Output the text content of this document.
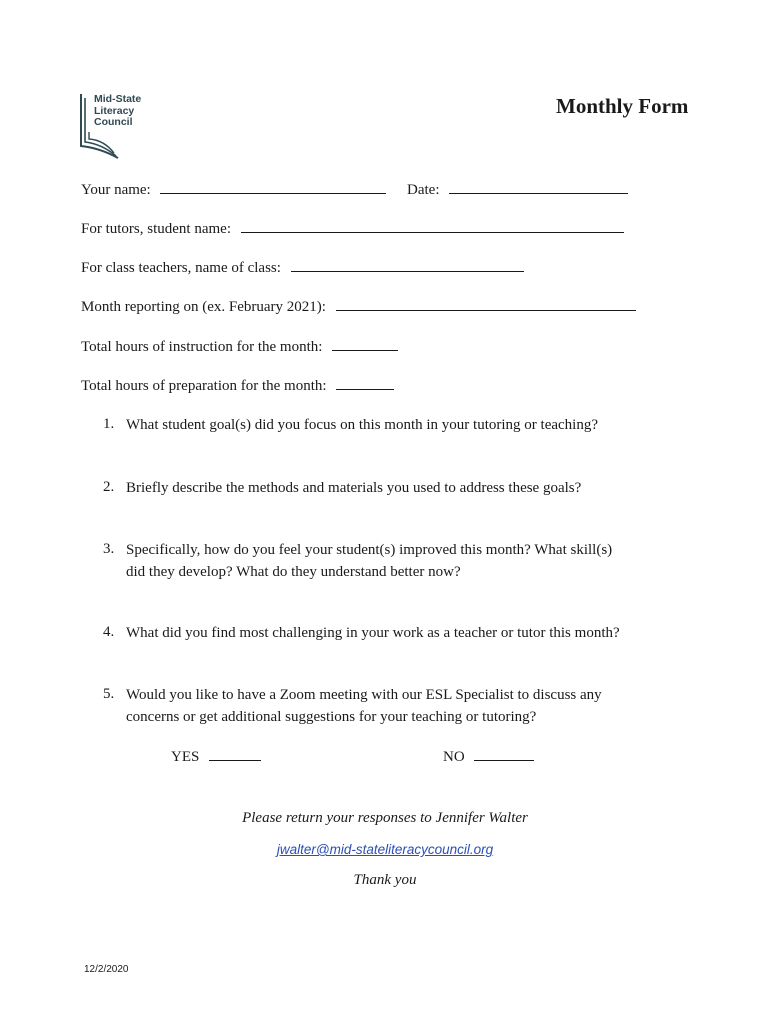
Mid-State
Literacy
Council
Monthly Form
Your name:	Date:
For tutors, student name:
For class teachers, name of class:
Month reporting on (ex. February 2021):
Total hours of instruction for the month:
Total hours of preparation for the month:
1. What student goal(s) did you focus on this month in your tutoring or teaching?
2. Briefly describe the methods and materials you used to address these goals?
3. Specifically, how do you feel your student(s) improved this month? What skill(s)
did they develop? What do they understand better now?
4. What did you find most challenging in your work as a teacher or tutor this month?
5. Would you like to have a Zoom meeting with our ESL Specialist to discuss any
concerns or get additional suggestions for your teaching or tutoring?
YES	NO
Please return your responses to Jennifer Walter
jwalter@mid-stateliteracycouncil.org
Thank you
12/2/2020
